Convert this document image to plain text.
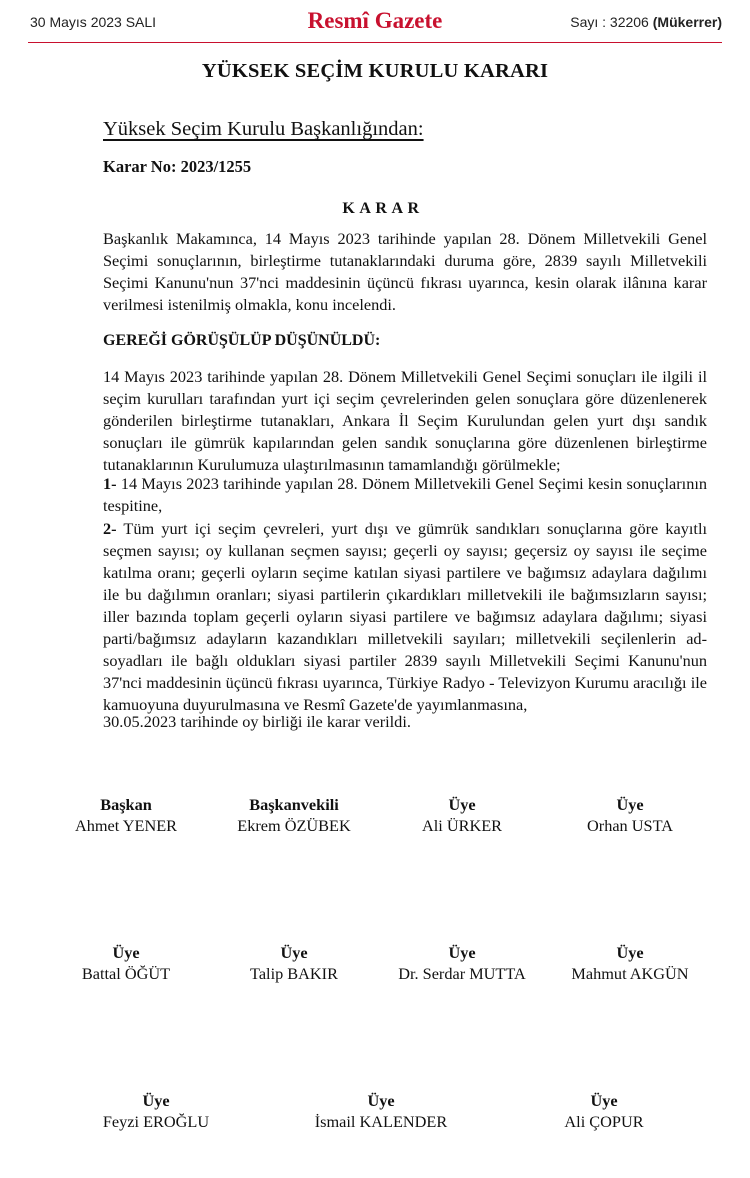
30 Mayıs 2023 SALI	Resmî Gazete	Sayı : 32206 (Mükerrer)
YÜKSEK SEÇİM KURULU KARARI
Yüksek Seçim Kurulu Başkanlığından:
Karar No: 2023/1255
KARAR
Başkanlık Makamınca, 14 Mayıs 2023 tarihinde yapılan 28. Dönem Milletvekili Genel Seçimi sonuçlarının, birleştirme tutanaklarındaki duruma göre, 2839 sayılı Milletvekili Seçimi Kanunu'nun 37'nci maddesinin üçüncü fıkrası uyarınca, kesin olarak ilânına karar verilmesi istenilmiş olmakla, konu incelendi.
GEREĞİ GÖRÜŞÜLÜP DÜŞÜNÜLDÜ:
14 Mayıs 2023 tarihinde yapılan 28. Dönem Milletvekili Genel Seçimi sonuçları ile ilgili il seçim kurulları tarafından yurt içi seçim çevrelerinden gelen sonuçlara göre düzenlenerek gönderilen birleştirme tutanakları, Ankara İl Seçim Kurulundan gelen yurt dışı sandık sonuçları ile gümrük kapılarından gelen sandık sonuçlarına göre düzenlenen birleştirme tutanaklarının Kurulumuza ulaştırılmasının tamamlandığı görülmekle;
1- 14 Mayıs 2023 tarihinde yapılan 28. Dönem Milletvekili Genel Seçimi kesin sonuçlarının tespitine,
2- Tüm yurt içi seçim çevreleri, yurt dışı ve gümrük sandıkları sonuçlarına göre kayıtlı seçmen sayısı; oy kullanan seçmen sayısı; geçerli oy sayısı; geçersiz oy sayısı ile seçime katılma oranı; geçerli oyların seçime katılan siyasi partilere ve bağımsız adaylara dağılımı ile bu dağılımın oranları; siyasi partilerin çıkardıkları milletvekili ile bağımsızların sayısı; iller bazında toplam geçerli oyların siyasi partilere ve bağımsız adaylara dağılımı; siyasi parti/bağımsız adayların kazandıkları milletvekili sayıları; milletvekili seçilenlerin ad-soyadları ile bağlı oldukları siyasi partiler 2839 sayılı Milletvekili Seçimi Kanunu'nun 37'nci maddesinin üçüncü fıkrası uyarınca, Türkiye Radyo - Televizyon Kurumu aracılığı ile kamuoyuna duyurulmasına ve Resmî Gazete'de yayımlanmasına,
30.05.2023 tarihinde oy birliği ile karar verildi.
Başkan
Ahmet YENER
Başkanvekili
Ekrem ÖZÜBEK
Üye
Ali ÜRKER
Üye
Orhan USTA
Üye
Battal ÖĞÜT
Üye
Talip BAKIR
Üye
Dr. Serdar MUTTA
Üye
Mahmut AKGÜN
Üye
Feyzi EROĞLU
Üye
İsmail KALENDER
Üye
Ali ÇOPUR
